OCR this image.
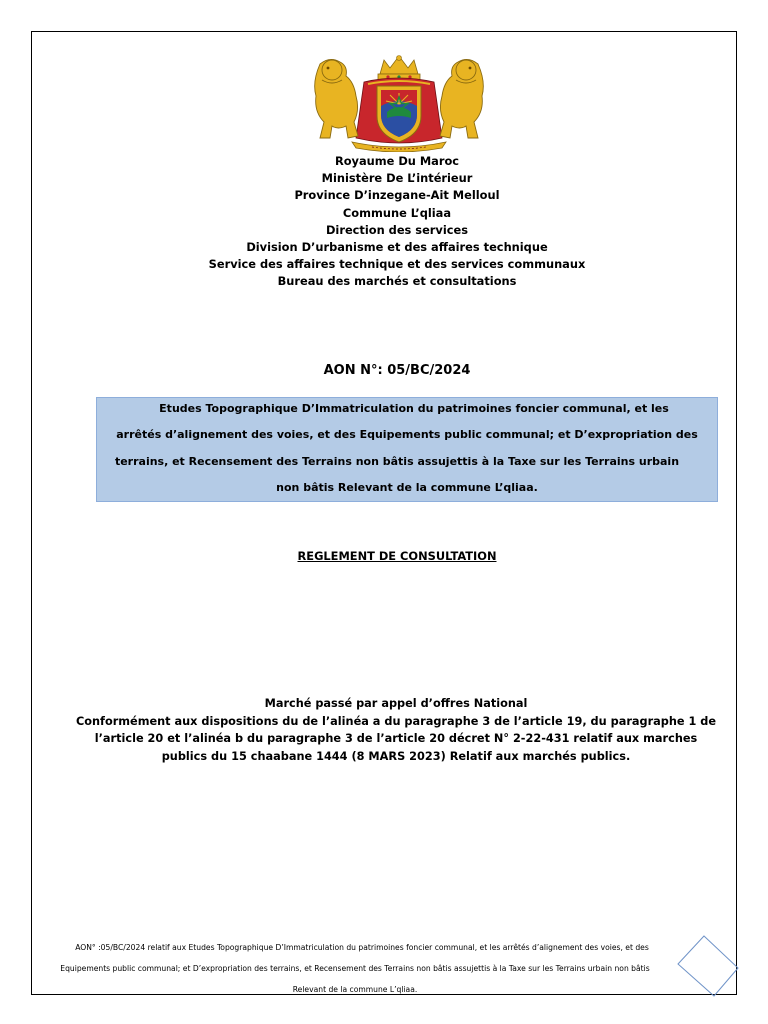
Royaume Du Maroc
Ministère De L’intérieur
Province D’inzegane-Ait Melloul
Commune L’qliaa
Direction des services
Division D’urbanisme et des affaires technique
Service des affaires technique et des services communaux
Bureau des marchés et consultations
AON N°: 05/BC/2024
Etudes Topographique D’Immatriculation du patrimoines foncier communal, et les
arrêtés d’alignement des voies, et des Equipements public communal; et D’expropriation des
terrains, et Recensement des Terrains non bâtis assujettis à la Taxe sur les Terrains urbain
non bâtis Relevant de la commune L’qliaa.
REGLEMENT DE CONSULTATION
Marché passé par appel d’offres National
Conformément aux dispositions du de l’alinéa a du paragraphe 3 de l’article 19, du paragraphe 1 de
l’article 20 et l’alinéa b du paragraphe 3 de l’article 20 décret N° 2-22-431 relatif aux marches
publics du 15 chaabane 1444 (8 MARS 2023) Relatif aux marchés publics.
AON° :05/BC/2024 relatif aux Etudes Topographique D’Immatriculation du patrimoines foncier communal, et les arrêtés d’alignement des voies, et des
Equipements public communal; et D’expropriation des terrains, et Recensement des Terrains non bâtis assujettis à la Taxe sur les Terrains urbain non bâtis
Relevant de la commune L’qliaa.
